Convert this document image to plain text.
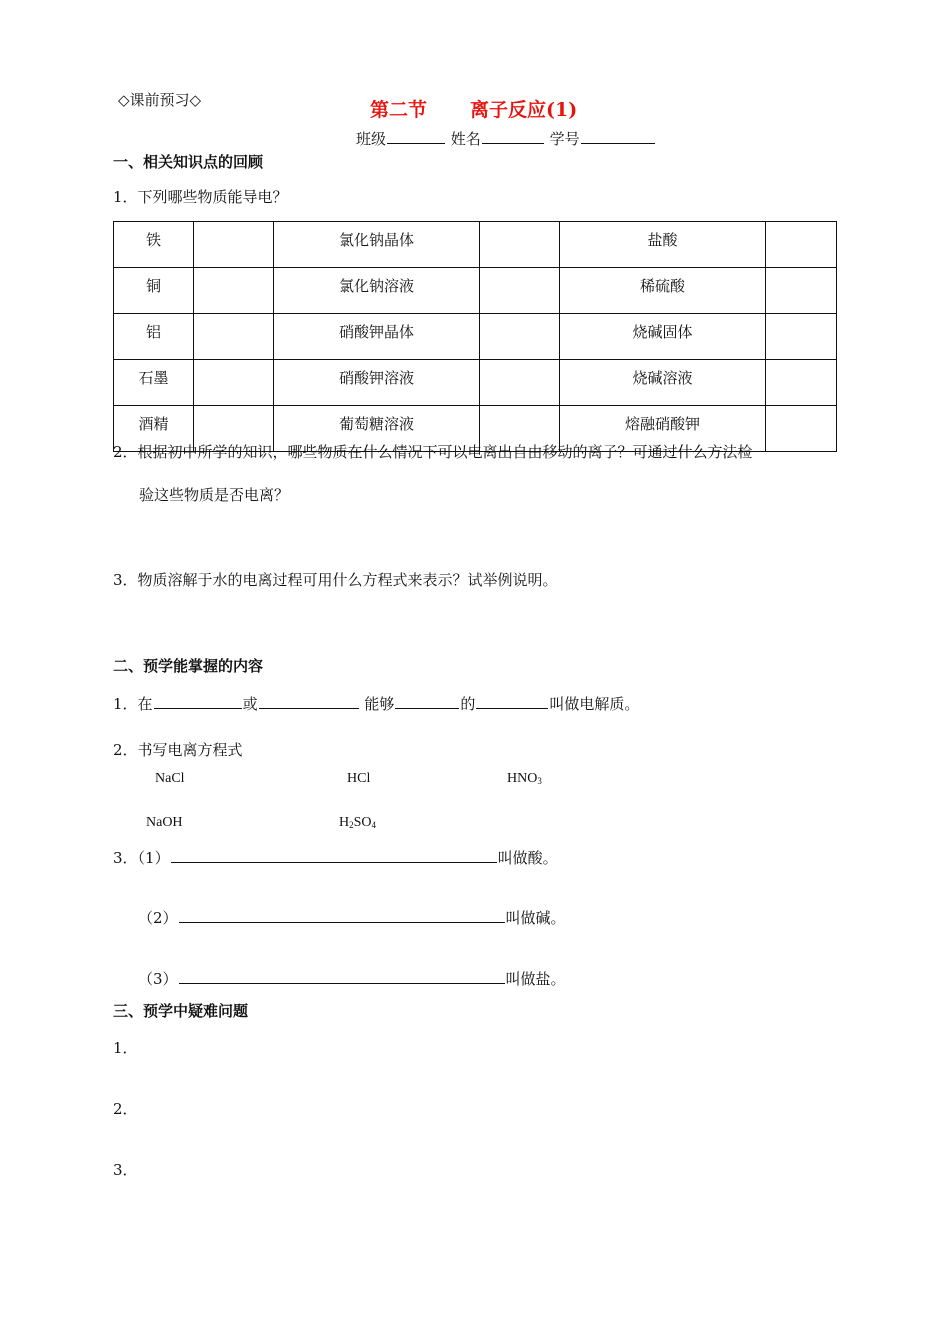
◇课前预习◇	第二节 离子反应(1)
班级	姓名	学号
一、相关知识点的回顾
1．下列哪些物质能导电？
铁		氯化钠晶体		盐酸	
铜		氯化钠溶液		稀硫酸	
铝		硝酸钾晶体		烧碱固体	
石墨		硝酸钾溶液		烧碱溶液	
酒精		葡萄糖溶液		熔融硝酸钾	
2．根据初中所学的知识，哪些物质在什么情况下可以电离出自由移动的离子？可通过什么方法检
验这些物质是否电离？
3．物质溶解于水的电离过程可用什么方程式来表示？试举例说明。
二、预学能掌握的内容
1．在	或	能够	的	叫做电解质。
2．书写电离方程式
NaCl	HCl	$HNO_3$
NaOH	$H_2SO_4$
3．（1）	叫做酸。
（2）	叫做碱。
（3）	叫做盐。
三、预学中疑难问题
1．
2．
3．
